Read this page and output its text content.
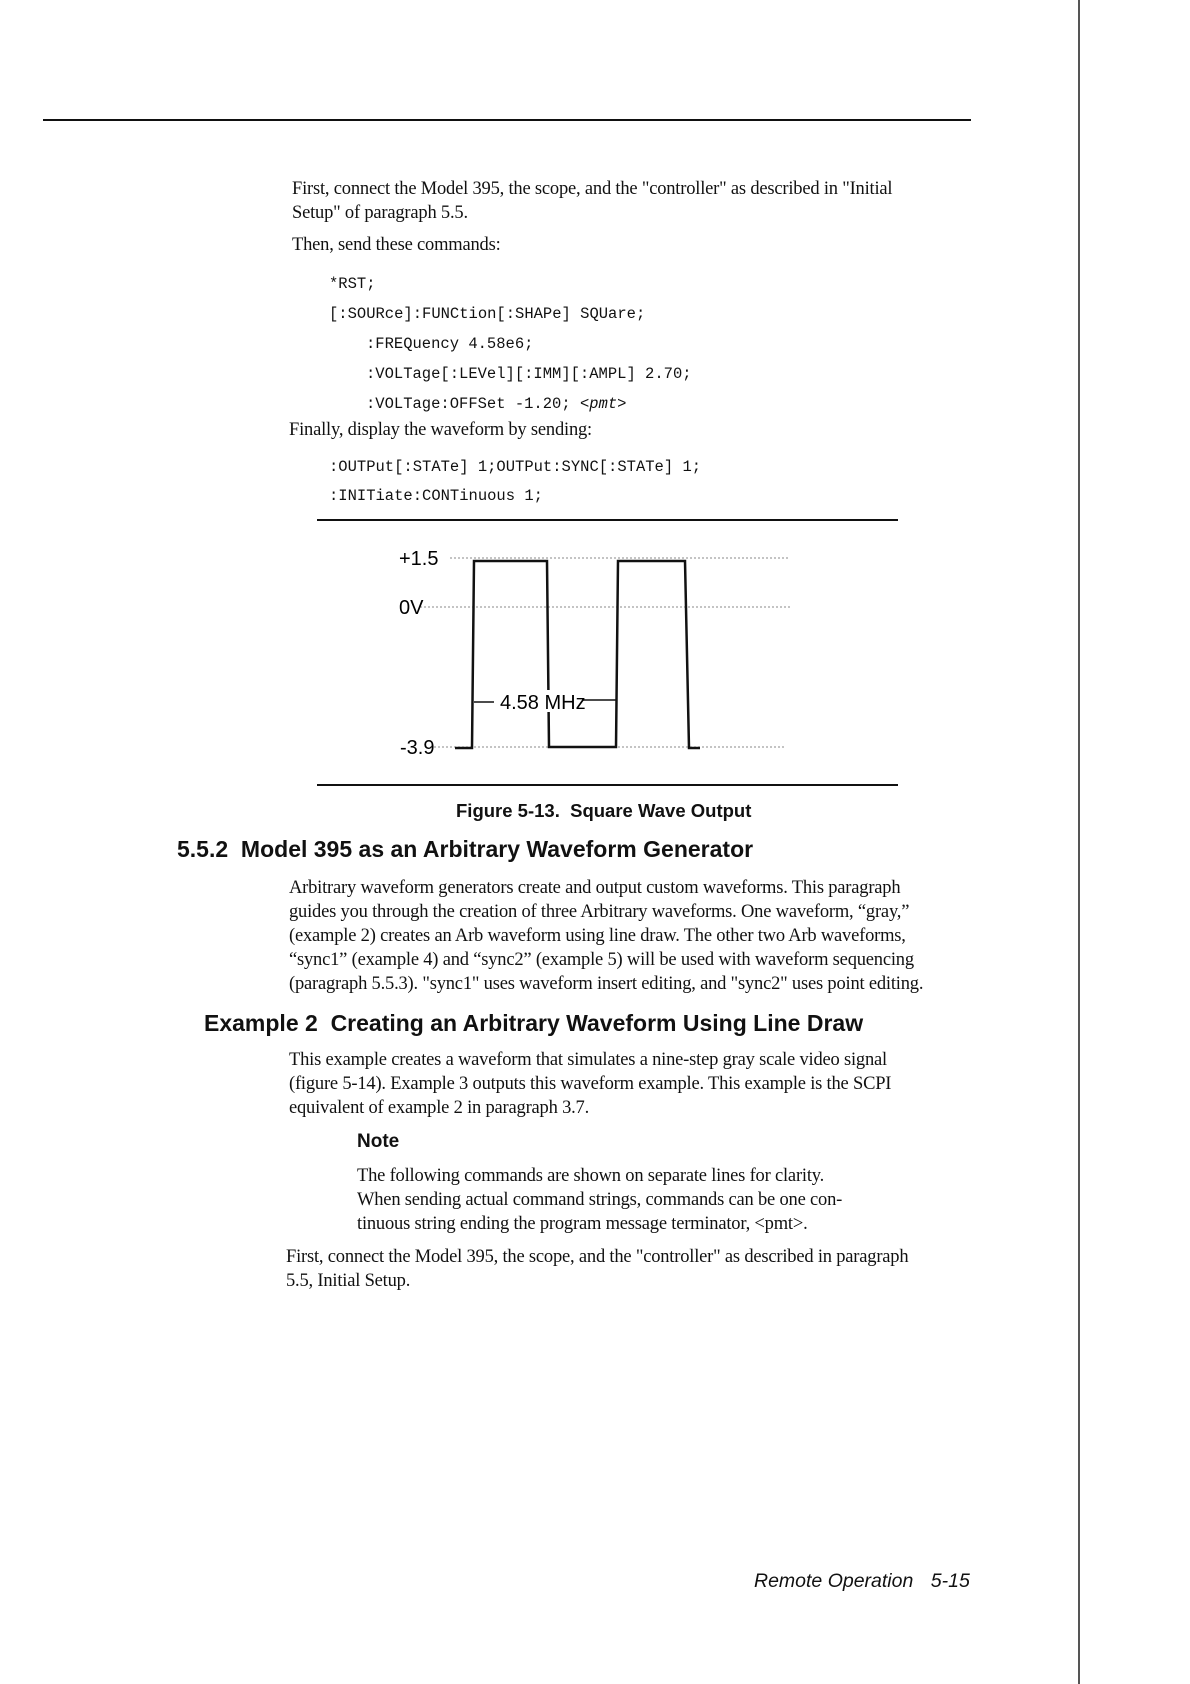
First, connect the Model 395, the scope, and the "controller" as described in "Initial
Setup" of paragraph 5.5.
Then, send these commands:
*RST;
[:SOURce]:FUNCtion[:SHAPe] SQUare;
:FREQuency 4.58e6;
:VOLTage[:LEVel][:IMM][:AMPL] 2.70;
:VOLTage:OFFSet -1.20; <pmt>
Finally, display the waveform by sending:
:OUTPut[:STATe] 1;OUTPut:SYNC[:STATe] 1;
:INITiate:CONTinuous 1;
+1.5
0V
-3.9
4.58 MHz
Figure 5-13.  Square Wave Output
5.5.2  Model 395 as an Arbitrary Waveform Generator
Arbitrary waveform generators create and output custom waveforms. This paragraph
guides you through the creation of three Arbitrary waveforms. One waveform, “gray,”
(example 2) creates an Arb waveform using line draw. The other two Arb waveforms,
“sync1” (example 4) and “sync2” (example 5) will be used with waveform sequencing
(paragraph 5.5.3). "sync1" uses waveform insert editing, and "sync2" uses point editing.
Example 2  Creating an Arbitrary Waveform Using Line Draw
This example creates a waveform that simulates a nine-step gray scale video signal
(figure 5-14). Example 3 outputs this waveform example. This example is the SCPI
equivalent of example 2 in paragraph 3.7.
Note
The following commands are shown on separate lines for clarity.
When sending actual command strings, commands can be one con-
tinuous string ending the program message terminator, <pmt>.
First, connect the Model 395, the scope, and the "controller" as described in paragraph
5.5, Initial Setup.
Remote Operation 5-15
